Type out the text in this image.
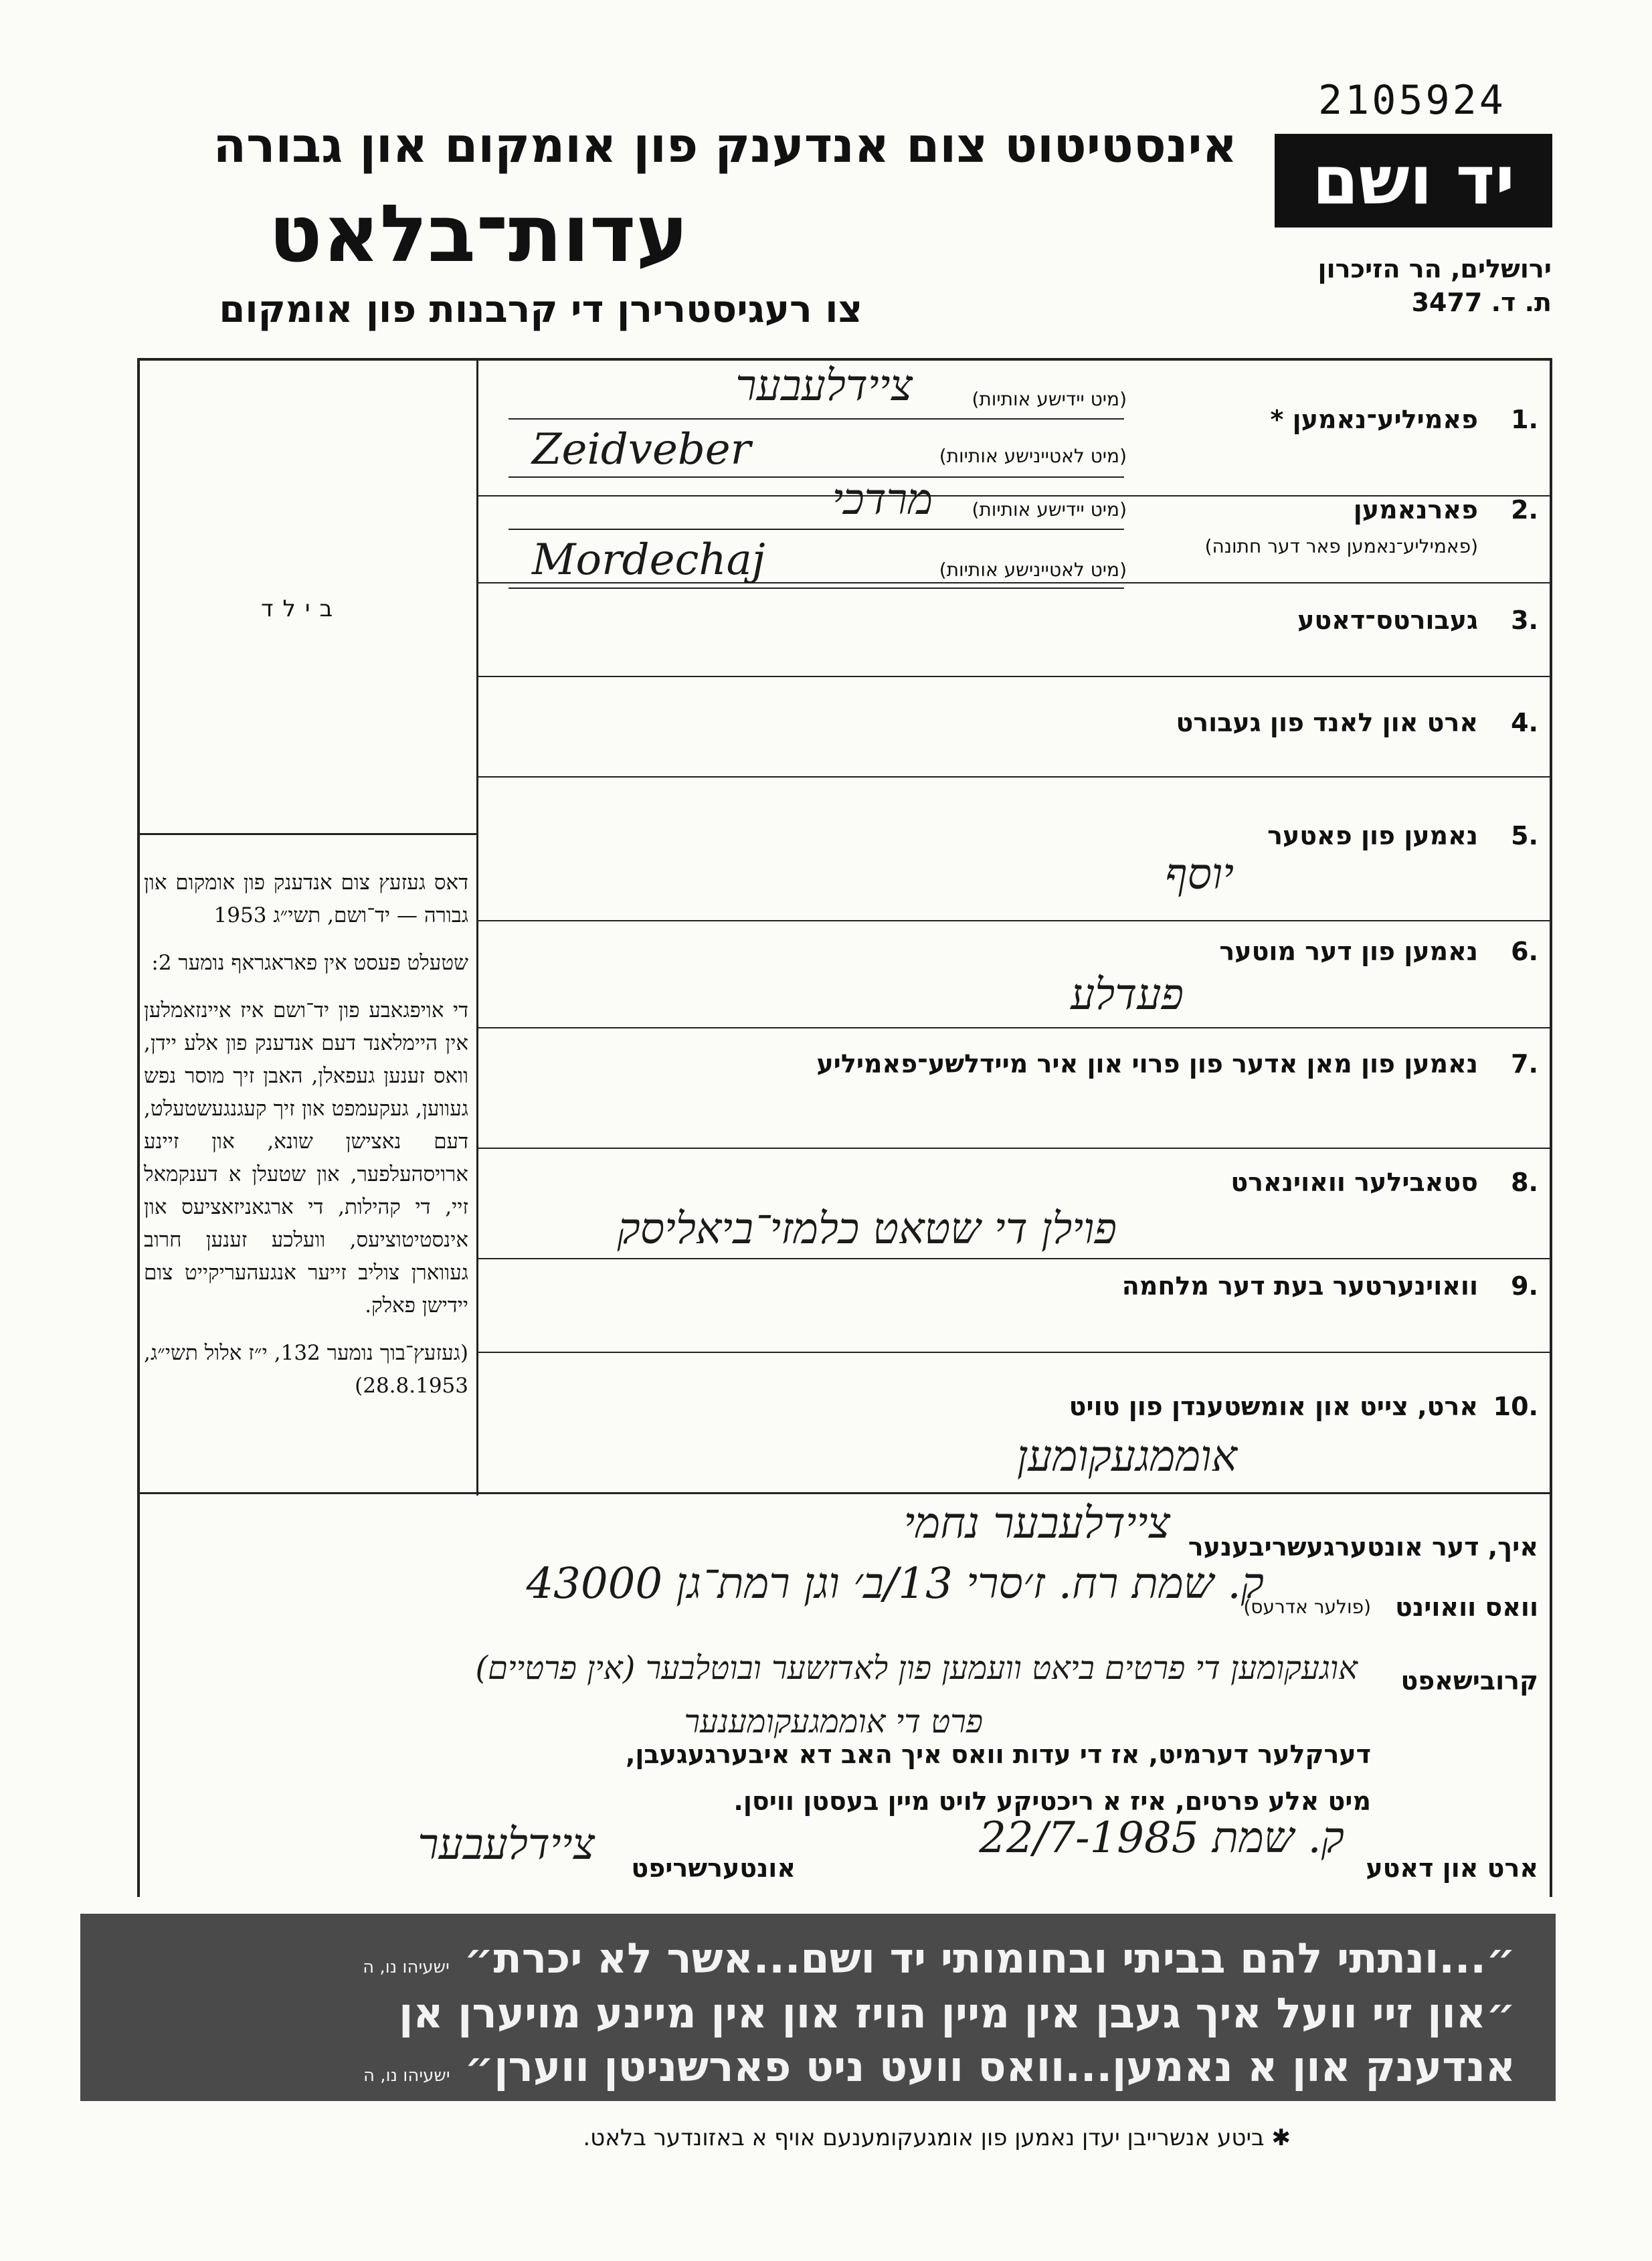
2105924
יד ושם
אינסטיטוט צום אנדענק פון אומקום און גבורה
עדות־בלאט
צו רעגיסטרירן די קרבנות פון אומקום
ירושלים, הר הזיכרון
ת. ד. 3477
בילד

דאס געזעץ צום אנדענק פון אומקום און גבורה — יד־ושם, תשי״ג 1953

שטעלט פעסט אין פאראגראף נומער 2:

די אויפגאבע פון יד־ושם איז איינזאמלען אין היימלאנד דעם אנדענק פון אלע יידן, וואס זענען געפאלן, האבן זיך מוסר נפש געווען, געקעמפט און זיך קעגנגעשטעלט, דעם נאצישן שונא, און זיינע ארויסהעלפער, און שטעלן א דענקמאל זיי, די קהילות, די ארגאניזאציעס און אינסטיטוציעס, וועלכע זענען חרוב געווארן צוליב זייער אנגעהעריקייט צום יידישן פאלק.

(געזעץ־בוך נומער 132, י״ז אלול תשי״ג, 28.8.1953)

1.
פאמיליע־נאמען *
(מיט יידישע אותיות)
(מיט לאטיינישע אותיות)
ציידלעבער
Zeidveber
2.
פארנאמען
(פאמיליע־נאמען פאר דער חתונה)
(מיט יידישע אותיות)
(מיט לאטיינישע אותיות)
מרדכי
Mordechaj
3.
געבורטס־דאטע
4.
ארט און לאנד פון געבורט
5.
נאמען פון פאטער
יוסף
6.
נאמען פון דער מוטער
פעדלע
7.
נאמען פון מאן אדער פון פרוי און איר מיידלשע־פאמיליע
8.
סטאבילער וואוינארט
פוילן די שטאט כלמזי־ביאליסק
9.
וואוינערטער בעת דער מלחמה
10.
ארט, צייט און אומשטענדן פון טויט
אוממגעקומען
איך, דער אונטערגעשריבענער
ציידלעבער נחמי
וואס וואוינט
(פולער אדרעס)
ק. שמת רח. ז׳סרי 13/ב׳ וגן רמת־גן 43000
קרובישאפט
אוגעקומען די פרטים ביאט וועמען פון לאדזשער ובוטלבער (אין פרטיים)
פרט די אוממגעקומענער
דערקלער דערמיט, אז די עדות וואס איך האב דא איבערגעגעבן,
מיט אלע פרטים, איז א ריכטיקע לויט מיין בעסטן וויסן.
ארט און דאטע
ק. שמת 22/7-1985
אונטערשריפט
ציידלעבער
״...ונתתי להם בביתי ובחומותי יד ושם...אשר לא יכרת״ ישעיהו נו, ה
״און זיי וועל איך געבן אין מיין הויז און אין מיינע מויערן אן
אנדענק און א נאמען...וואס וועט ניט פארשניטן ווערן״ ישעיהו נו, ה
✱ ביטע אנשרייבן יעדן נאמען פון אומגעקומענעם אויף א באזונדער בלאט.
